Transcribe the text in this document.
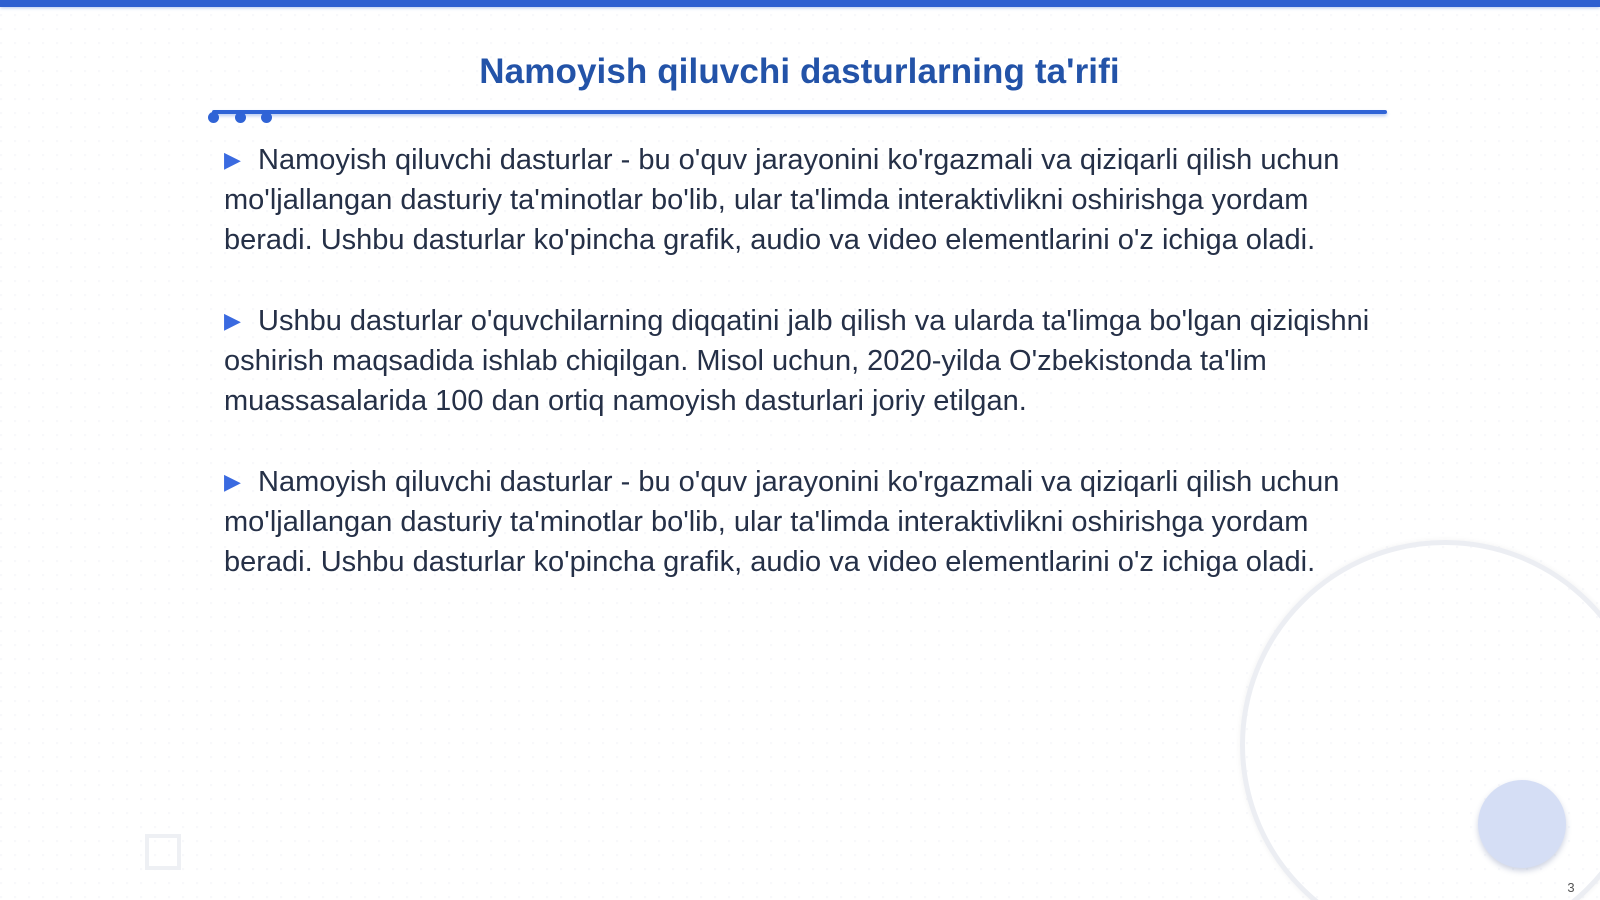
Namoyish qiluvchi dasturlarning ta'rifi

▶ Namoyish qiluvchi dasturlar - bu o'quv jarayonini ko'rgazmali va qiziqarli qilish uchun mo'ljallangan dasturiy ta'minotlar bo'lib, ular ta'limda interaktivlikni oshirishga yordam beradi. Ushbu dasturlar ko'pincha grafik, audio va video elementlarini o'z ichiga oladi.

▶ Ushbu dasturlar o'quvchilarning diqqatini jalb qilish va ularda ta'limga bo'lgan qiziqishni oshirish maqsadida ishlab chiqilgan. Misol uchun, 2020-yilda O'zbekistonda ta'lim muassasalarida 100 dan ortiq namoyish dasturlari joriy etilgan.

▶ Namoyish qiluvchi dasturlar - bu o'quv jarayonini ko'rgazmali va qiziqarli qilish uchun mo'ljallangan dasturiy ta'minotlar bo'lib, ular ta'limda interaktivlikni oshirishga yordam beradi. Ushbu dasturlar ko'pincha grafik, audio va video elementlarini o'z ichiga oladi.

3
